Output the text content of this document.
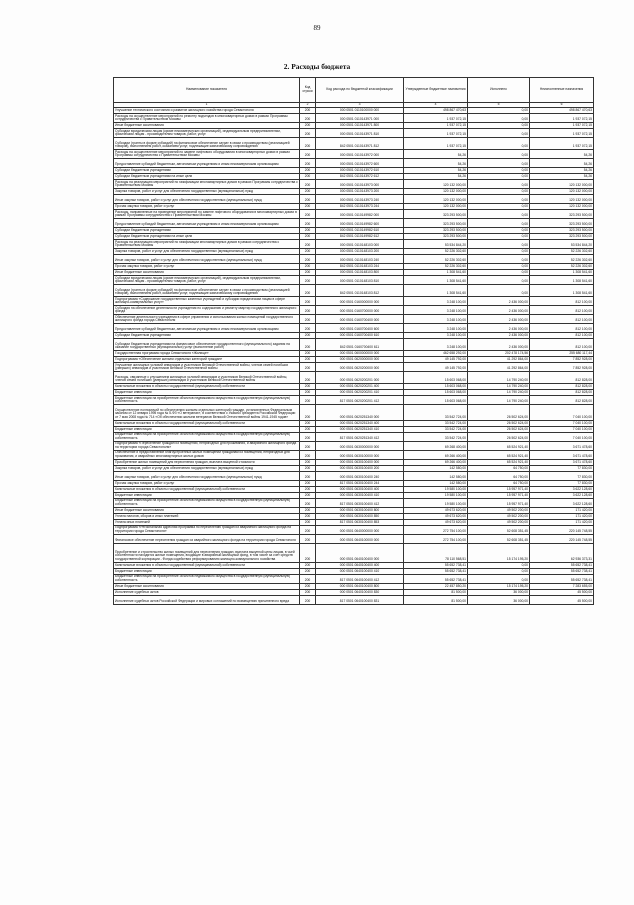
89
2. Расходы бюджета
Наименование показателя	Код строки	Код расхода по бюджетной классификации	Утвержденные бюджетные назначения	Исполнено	Неисполненные назначения
1	2	3	4	5	6
Улучшение технического состояния и развитие жилищного хозяйства города Севастополя	200	000 0501 0110100000 000	498 867 470,63	0,00	498 867 470,63
Расходы на осуществление мероприятий по ремонту подъездов в многоквартирных домах в рамках Программы сотрудничества с Правительством Москвы	200	000 0501 0110143971 000	1 937 072,15	0,00	1 937 072,15
Иные бюджетные ассигнования	200	000 0501 0110143971 800	1 937 072,15	0,00	1 937 072,15
Субсидии юридическим лицам (кроме некоммерческих организаций), индивидуальным предпринимателям, физическим лицам - производителям товаров, работ, услуг	200	000 0501 0110143971 810	1 937 072,15	0,00	1 937 072,15
Субсидии (гранты в форме субсидий) на финансовое обеспечение затрат в связи с производством (реализацией товаров), выполнением работ, оказанием услуг, подлежащие казначейскому сопровождению	200	842 0501 0110143971 812	1 937 072,15	0,00	1 937 072,15
Расходы на осуществление мероприятий по замене лифтового оборудования в многоквартирных домах в рамках Программы сотрудничества с Правительством Москвы	200	000 0501 0110143972 000	54,26	0,00	54,26
Предоставление субсидий бюджетным, автономным учреждениям и иным некоммерческим организациям	200	000 0501 0110143972 600	54,26	0,00	54,26
Субсидии бюджетным учреждениям	200	000 0501 0110143972 610	54,26	0,00	54,26
Субсидии бюджетным учреждениям на иные цели	200	842 0501 0110143972 612	54,26	0,00	54,26
Расходы на реализацию мероприятий по газификации многоквартирных домов в рамках Программы сотрудничества с Правительством Москвы	200	000 0501 0110143973 000	120 132 000,00	0,00	120 132 000,00
Закупка товаров, работ и услуг для обеспечения государственных (муниципальных) нужд	200	000 0501 0110143973 200	120 132 000,00	0,00	120 132 000,00
Иные закупки товаров, работ и услуг для обеспечения государственных (муниципальных) нужд	200	000 0501 0110143973 240	120 132 000,00	0,00	120 132 000,00
Прочая закупка товаров, работ и услуг	200	842 0501 0110143973 244	120 132 000,00	0,00	120 132 000,00
Расходы, направленные на проведение мероприятий по замене лифтового оборудования в многоквартирных домах в рамках Программы сотрудничества с Правительством Москвы	200	000 0501 0110149982 000	323 293 500,00	0,00	323 293 500,00
Предоставление субсидий бюджетным, автономным учреждениям и иным некоммерческим организациям	200	000 0501 0110149982 600	323 293 500,00	0,00	323 293 500,00
Субсидии бюджетным учреждениям	200	000 0501 0110149982 610	323 293 500,00	0,00	323 293 500,00
Субсидии бюджетным учреждениям на иные цели	200	842 0501 0110149982 612	323 293 500,00	0,00	323 293 500,00
Расходы на реализацию мероприятий по газификации многоквартирных домов в рамках сотрудничества с Правительством Москвы	200	000 0501 0110148103 000	53 534 844,20	0,00	53 534 844,20
Закупка товаров, работ и услуг для обеспечения государственных (муниципальных) нужд	200	000 0501 0110148103 200	52 226 302,60	0,00	52 226 302,60
Иные закупки товаров, работ и услуг для обеспечения государственных (муниципальных) нужд	200	000 0501 0110148103 240	52 226 302,60	0,00	52 226 302,60
Прочая закупка товаров, работ и услуг	200	842 0501 0110148103 244	52 226 302,60	0,00	52 226 302,60
Иные бюджетные ассигнования	200	000 0501 0110148103 800	1 308 541,60	0,00	1 308 541,60
Субсидии юридическим лицам (кроме некоммерческих организаций), индивидуальным предпринимателям, физическим лицам - производителям товаров, работ, услуг	200	000 0501 0110148103 810	1 308 541,60	0,00	1 308 541,60
Субсидии (гранты в форме субсидий) на финансовое обеспечение затрат в связи с производством (реализацией товаров), выполнением работ, оказанием услуг, подлежащие казначейскому сопровождению	200	842 0501 0110148103 812	1 308 541,60	0,00	1 308 541,60
Подпрограмма «Содержание государственных казенных учреждений и субсидии юридическим лицам в сфере жилищно-коммунальных услуг»	200	000 0501 0160000000 000	3 248 100,00	2 436 000,00	812 100,00
Субсидия на обеспечение деятельности учреждения по содержанию и ремонту квартир государственного жилищного фонда	200	000 0501 0160700000 000	3 248 100,00	2 436 000,00	812 100,00
Обеспечение деятельности учреждения в сфере управления и использования жилых помещений государственного жилищного фонда города Севастополя	200	000 0501 0160700400 000	3 248 100,00	2 436 000,00	812 100,00
Предоставление субсидий бюджетным, автономным учреждениям и иным некоммерческим организациям	200	000 0501 0160700400 600	3 248 100,00	2 436 000,00	812 100,00
Субсидии бюджетным учреждениям	200	000 0501 0160700400 610	3 248 100,00	2 436 000,00	812 100,00
Субсидии бюджетным учреждениям на финансовое обеспечение государственного (муниципального) задания на оказание государственных (муниципальных) услуг (выполнение работ)	200	842 0501 0160700400 611	3 248 100,00	2 436 000,00	812 100,00
Государственная программа города Севастополя «Жилище»	200	000 0501 0600000000 000	462 658 292,00	202 478 174,56	255 680 117,44
Подпрограмма «Обеспечение жильем отдельных категорий граждан»	200	000 0501 0620000000 000	49 145 792,00	41 292 864,00	7 852 928,00
Улучшение жилищных условий инвалидов и участников Великой Отечественной войны, членов семей погибших (умерших) инвалидов и участников Великой Отечественной войны	200	000 0501 0620200000 000	49 145 792,00	41 292 864,00	7 852 928,00
Расходы, связанные с улучшением жилищных условий инвалидов и участников Великой Отечественной войны, членов семей погибших (умерших) инвалидов и участников Великой Отечественной войны	200	000 0501 0620200201 000	15 603 068,00	14 790 240,00	812 828,00
Капитальные вложения в объекты государственной (муниципальной) собственности	200	000 0501 0620200201 400	15 603 068,00	14 790 240,00	812 828,00
Бюджетные инвестиции	200	000 0501 0620200201 410	15 603 068,00	14 790 240,00	812 828,00
Бюджетные инвестиции на приобретение объектов недвижимого имущества в государственную (муниципальную) собственность	200	817 0501 0620200201 412	15 603 068,00	14 790 240,00	812 828,00
Осуществление полномочий по обеспечению жильем отдельных категорий граждан, установленных Федеральным законом от 12 января 1995 года № 5-ФЗ «О ветеранах», в соответствии с Указом Президента Российской Федерации от 7 мая 2008 года № 714 «Об обеспечении жильем ветеранов Великой Отечественной войны 1941-1945 годов»	200	000 0501 0620251340 000	33 542 724,00	26 502 624,00	7 040 100,00
Капитальные вложения в объекты государственной (муниципальной) собственности	200	000 0501 0620251340 400	33 542 724,00	26 502 624,00	7 040 100,00
Бюджетные инвестиции	200	000 0501 0620251340 410	33 542 724,00	26 502 624,00	7 040 100,00
Бюджетные инвестиции на приобретение объектов недвижимого имущества в государственную (муниципальную) собственность	200	817 0501 0620251340 412	33 542 724,00	26 502 624,00	7 040 100,00
Подпрограмма «Переселение граждан из помещений, непригодных для проживания, и аварийного жилищного фонда на территории города Севастополя»	200	000 0501 0630000000 000	69 268 400,00	65 524 921,40	3 671 478,60
Обеспечение и предоставление благоустроенных жилых помещений гражданам из помещений, непригодных для проживания, и аварийных многоквартирных жилых домов	200	000 0501 0630100000 000	69 266 400,00	65 524 921,40	3 671 478,60
Приобретение жилых помещений для переселения граждан, выплата выкупной стоимости	200	000 0501 0630100400 000	69 266 400,00	65 524 921,40	3 671 478,60
Закупка товаров, работ и услуг для обеспечения государственных (муниципальных) нужд	200	000 0501 0630100400 200	142 580,00	64 750,00	77 830,00
Иные закупки товаров, работ и услуг для обеспечения государственных (муниципальных) нужд	200	000 0501 0630100400 240	142 580,00	64 750,00	77 830,00
Прочая закупка товаров, работ и услуг	200	817 0501 0630100400 244	142 580,00	64 750,00	77 830,00
Капитальные вложения в объекты государственной (муниципальной) собственности	200	000 0501 0630100400 400	19 580 100,00	15 957 971,40	3 622 128,60
Бюджетные инвестиции	200	000 0501 0630100400 410	19 580 100,00	15 957 971,40	3 622 128,60
Бюджетные инвестиции на приобретение объектов недвижимого имущества в государственную (муниципальную) собственность	200	817 0501 0630100400 412	19 580 100,00	15 957 971,40	3 622 128,60
Иные бюджетные ассигнования	200	000 0501 0630100400 800	49 673 620,00	49 502 200,00	171 420,00
Уплата налогов, сборов и иных платежей	200	000 0501 0630100400 850	49 673 620,00	49 502 200,00	171 420,00
Уплата иных платежей	200	817 0501 0630100400 853	49 673 620,00	49 502 200,00	171 420,00
Подпрограмма «Региональная адресная программа по переселению граждан из аварийного жилищного фонда на территории города Севастополя»	200	000 0501 0640000000 000	272 754 100,00	52 608 351,45	220 145 748,55
Финансовое обеспечение переселения граждан из аварийного жилищного фонда на территории города Севастополя	200	000 0501 0640100000 000	272 754 100,00	52 608 351,45	220 145 748,55
Приобретение и строительство жилых помещений для переселения граждан, выплата выкупной цены лицам, в чьей собственности находятся жилые помещения, входящие в аварийный жилищный фонд, в том числе за счет средств государственной корпорации - Фонда содействия реформированию жилищно-коммунального хозяйства	200	000 0501 0640100400 000	78 110 568,51	15 174 195,20	62 936 373,31
Капитальные вложения в объекты государственной (муниципальной) собственности	200	000 0501 0640100400 400	55 652 738,41	0,00	55 652 738,41
Бюджетные инвестиции	200	000 0501 0640100400 410	55 652 738,41	0,00	55 652 738,41
Бюджетные инвестиции на приобретение объектов недвижимого имущества в государственную (муниципальную) собственность	200	817 0501 0640100400 412	55 652 738,41	0,00	55 652 738,41
Иные бюджетные ассигнования	200	000 0501 0640100400 800	22 457 850,20	15 174 195,20	7 283 655,00
Исполнение судебных актов	200	000 0501 0640100400 830	81 500,00	36 000,00	45 500,00
Исполнение судебных актов Российской Федерации и мировых соглашений по возмещению причиненного вреда	200	817 0501 0640100400 831	81 500,00	36 000,00	45 500,00
